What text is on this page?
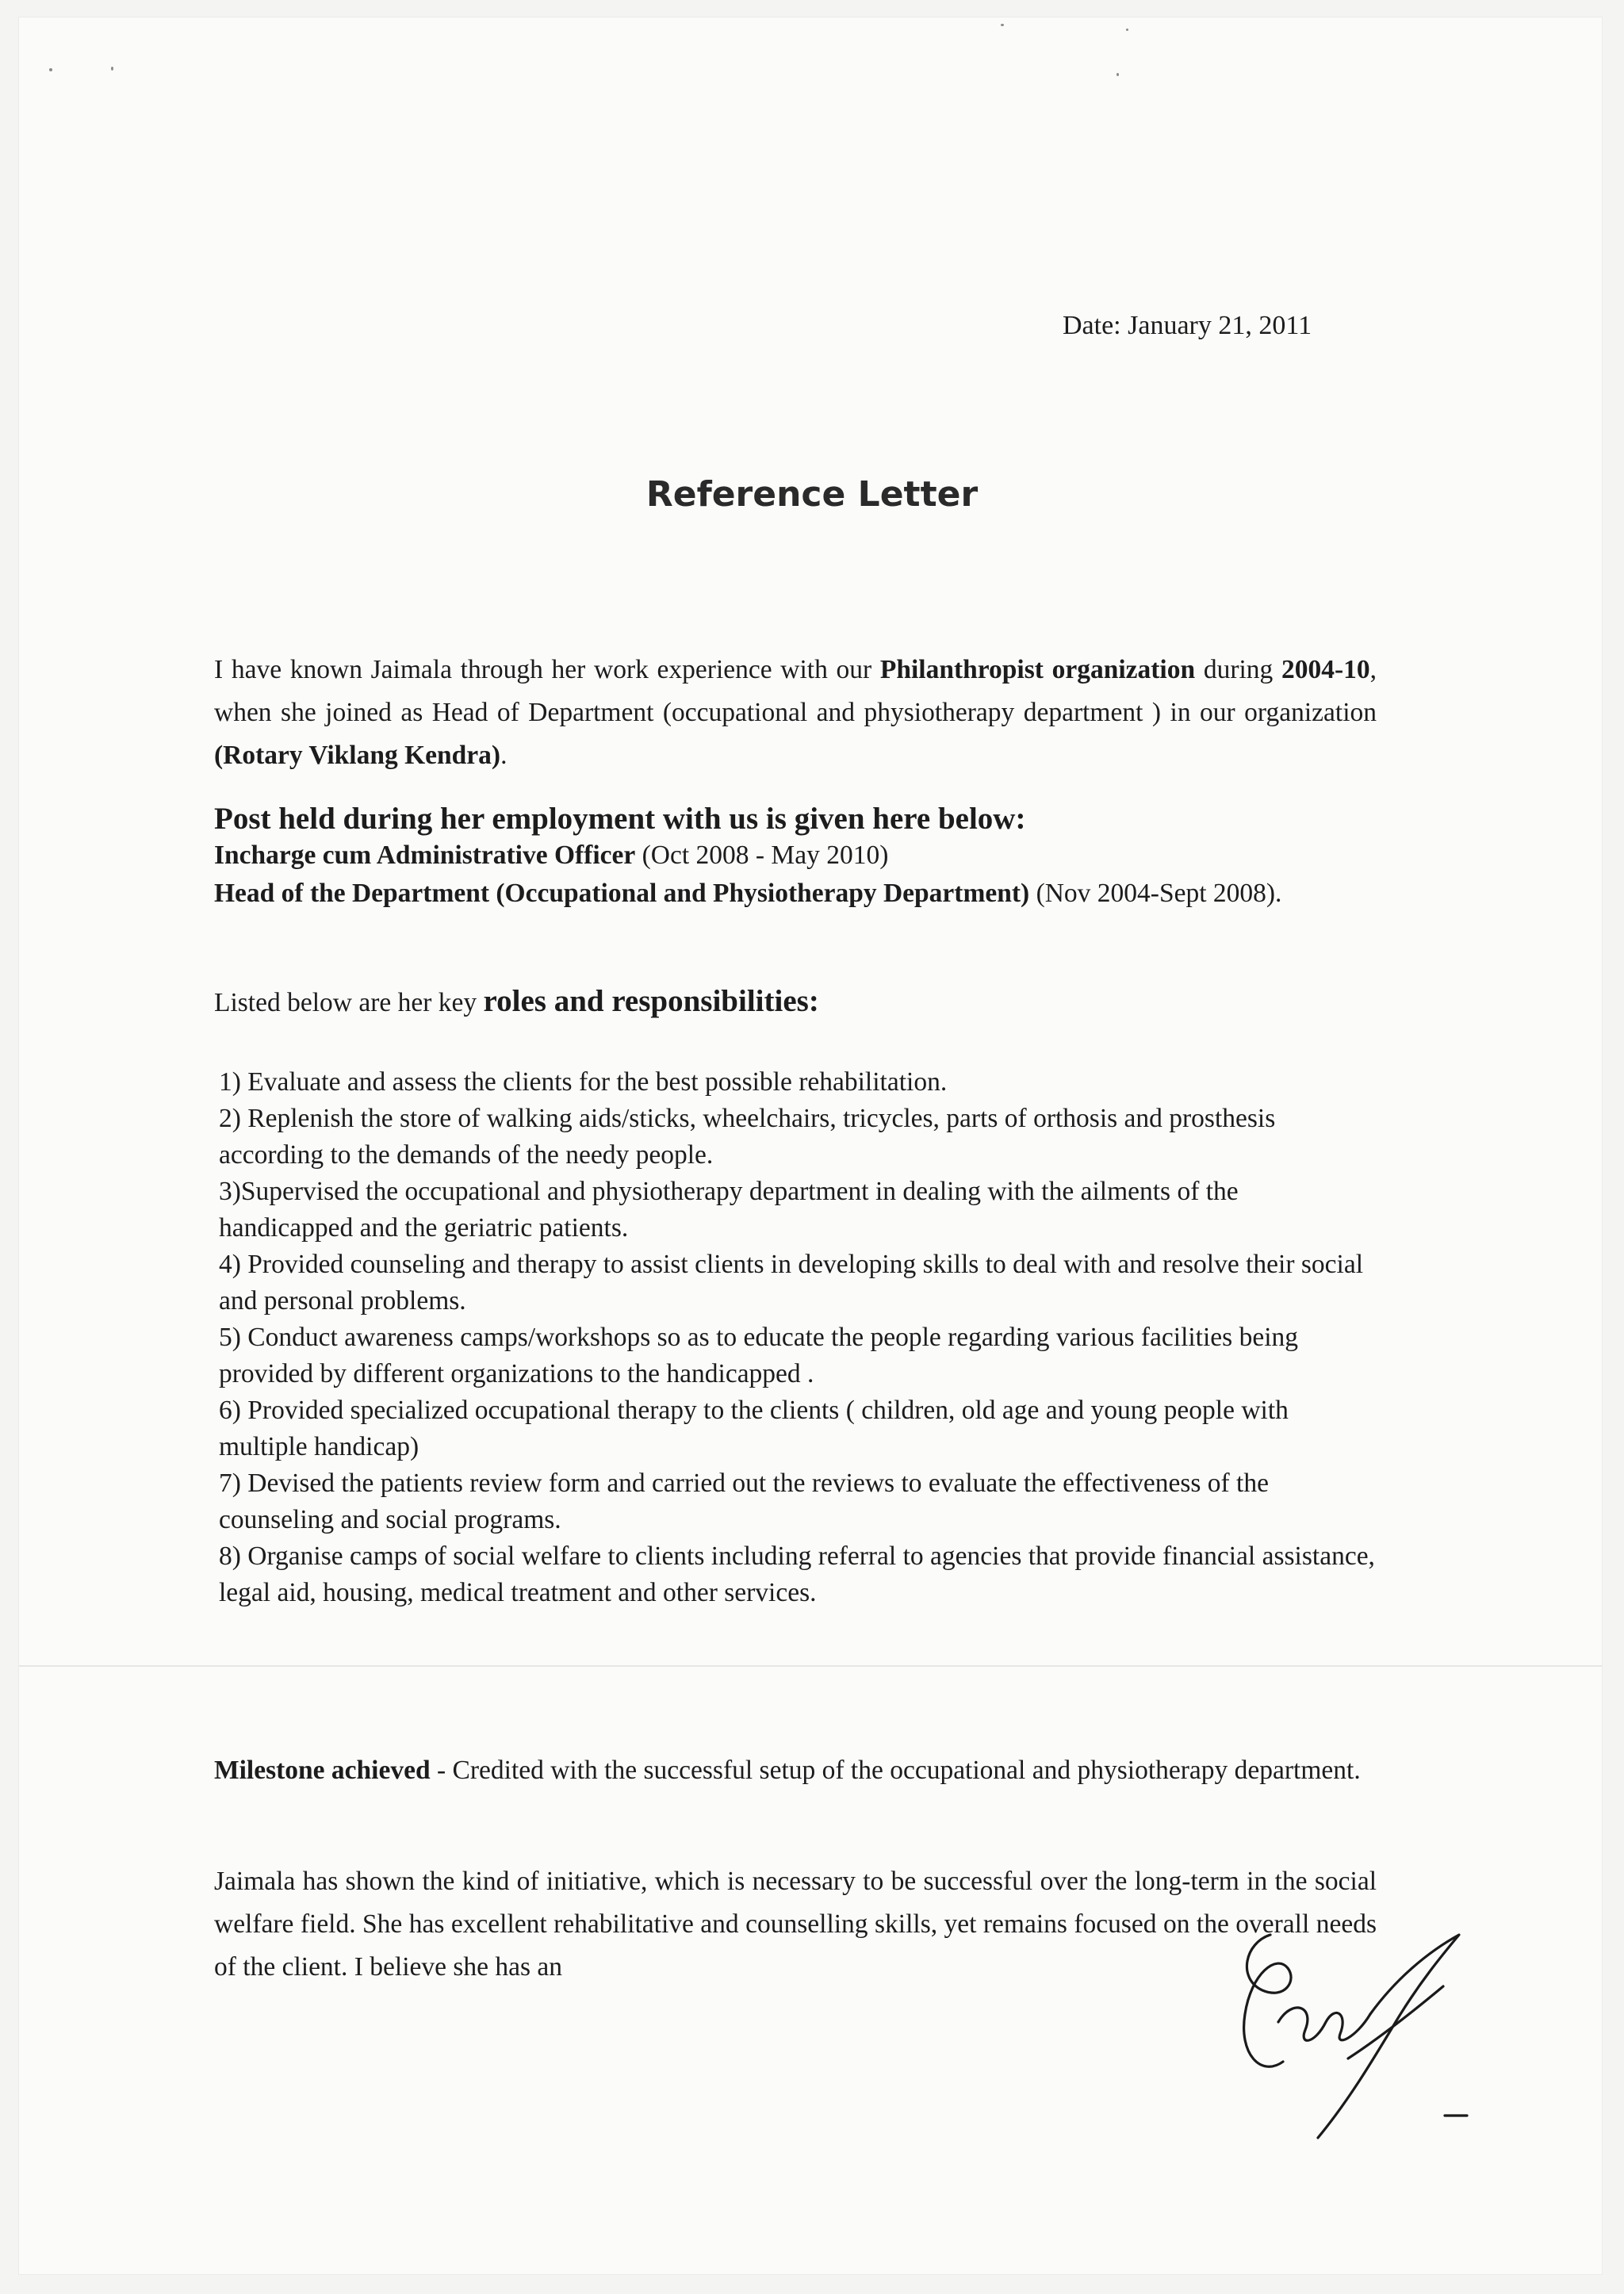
Date: January 21, 2011
Reference Letter
I have known Jaimala through her work experience with our Philanthropist organization during 2004-10, when she joined as Head of Department (occupational and physiotherapy department ) in our organization (Rotary Viklang Kendra).
Post held during her employment with us is given here below:
Incharge cum Administrative Officer (Oct 2008 - May 2010)
Head of the Department (Occupational and Physiotherapy Department) (Nov 2004-Sept 2008).
Listed below are her key roles and responsibilities:
1) Evaluate and assess the clients for the best possible rehabilitation.
2) Replenish the store of walking aids/sticks, wheelchairs, tricycles, parts of orthosis and prosthesis according to the demands of the needy people.
3)Supervised the occupational and physiotherapy department in dealing with the ailments of the handicapped and the geriatric patients.
4) Provided counseling and therapy to assist clients in developing skills to deal with and resolve their social and personal problems.
5) Conduct awareness camps/workshops so as to educate the people regarding various facilities being provided by different organizations to the handicapped .
6) Provided specialized occupational therapy to the clients ( children, old age and young people with multiple handicap)
7) Devised the patients review form and carried out the reviews to evaluate the effectiveness of the counseling and social programs.
8) Organise camps of social welfare to clients including referral to agencies that provide financial assistance, legal aid, housing, medical treatment and other services.
Milestone achieved - Credited with the successful setup of the occupational and physiotherapy department.
Jaimala has shown the kind of initiative, which is necessary to be successful over the long-term in the social welfare field. She has excellent rehabilitative and counselling skills, yet remains focused on the overall needs of the client. I believe she has an
